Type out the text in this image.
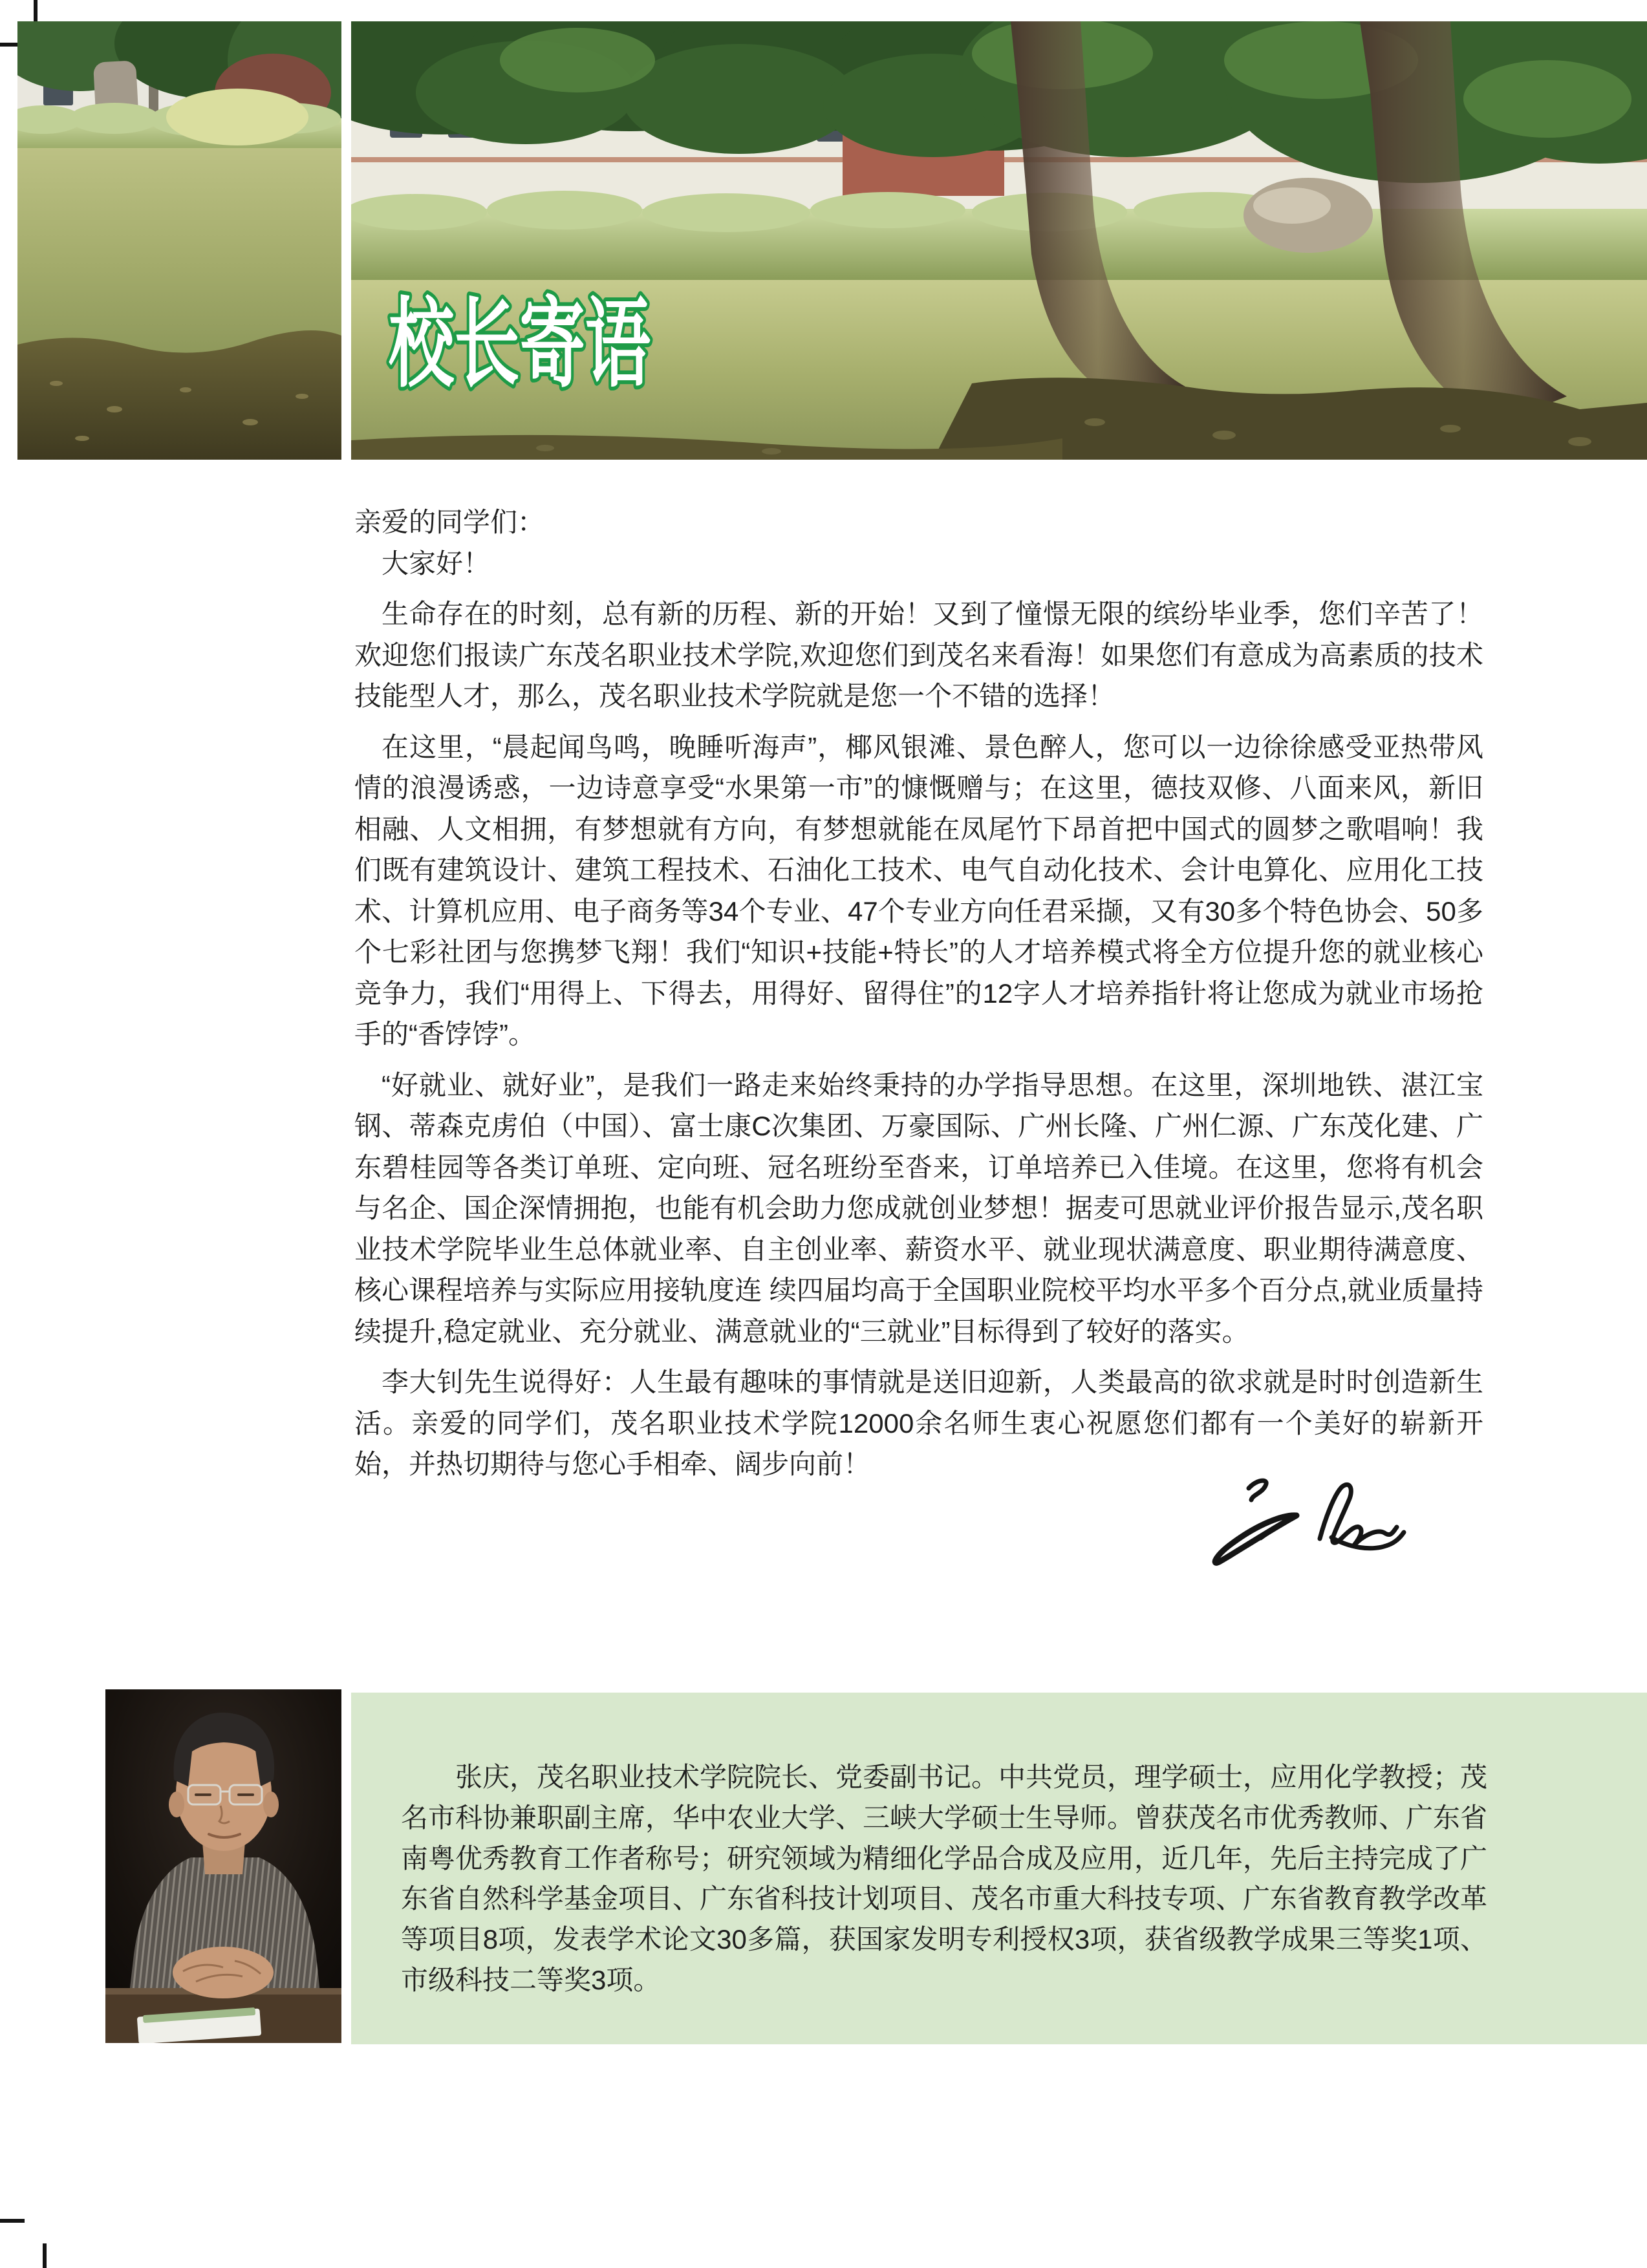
校长寄语

亲爱的同学们：

大家好！

生命存在的时刻，总有新的历程、新的开始！又到了憧憬无限的缤纷毕业季，您们辛苦了！欢迎您们报读广东茂名职业技术学院,欢迎您们到茂名来看海！如果您们有意成为高素质的技术技能型人才，那么，茂名职业技术学院就是您一个不错的选择！

在这里，“晨起闻鸟鸣，晚睡听海声”，椰风银滩、景色醉人，您可以一边徐徐感受亚热带风情的浪漫诱惑，一边诗意享受“水果第一市”的慷慨赠与；在这里，德技双修、八面来风，新旧相融、人文相拥，有梦想就有方向，有梦想就能在凤尾竹下昂首把中国式的圆梦之歌唱响！我们既有建筑设计、建筑工程技术、石油化工技术、电气自动化技术、会计电算化、应用化工技术、计算机应用、电子商务等34个专业、47个专业方向任君采撷，又有30多个特色协会、50多个七彩社团与您携梦飞翔！我们“知识+技能+特长”的人才培养模式将全方位提升您的就业核心竞争力，我们“用得上、下得去，用得好、留得住”的12字人才培养指针将让您成为就业市场抢手的“香饽饽”。

“好就业、就好业”，是我们一路走来始终秉持的办学指导思想。在这里，深圳地铁、湛江宝钢、蒂森克虏伯（中国）、富士康C次集团、万豪国际、广州长隆、广州仁源、广东茂化建、广东碧桂园等各类订单班、定向班、冠名班纷至沓来，订单培养已入佳境。在这里，您将有机会与名企、国企深情拥抱，也能有机会助力您成就创业梦想！据麦可思就业评价报告显示,茂名职业技术学院毕业生总体就业率、自主创业率、薪资水平、就业现状满意度、职业期待满意度、核心课程培养与实际应用接轨度连 续四届均高于全国职业院校平均水平多个百分点,就业质量持续提升,稳定就业、充分就业、满意就业的“三就业”目标得到了较好的落实。

李大钊先生说得好：人生最有趣味的事情就是送旧迎新，人类最高的欲求就是时时创造新生活。亲爱的同学们，茂名职业技术学院12000余名师生衷心祝愿您们都有一个美好的崭新开始，并热切期待与您心手相牵、阔步向前！

张庆，茂名职业技术学院院长、党委副书记。中共党员，理学硕士，应用化学教授；茂名市科协兼职副主席，华中农业大学、三峡大学硕士生导师。曾获茂名市优秀教师、广东省南粤优秀教育工作者称号；研究领域为精细化学品合成及应用，近几年，先后主持完成了广东省自然科学基金项目、广东省科技计划项目、茂名市重大科技专项、广东省教育教学改革等项目8项，发表学术论文30多篇，获国家发明专利授权3项，获省级教学成果三等奖1项、市级科技二等奖3项。
